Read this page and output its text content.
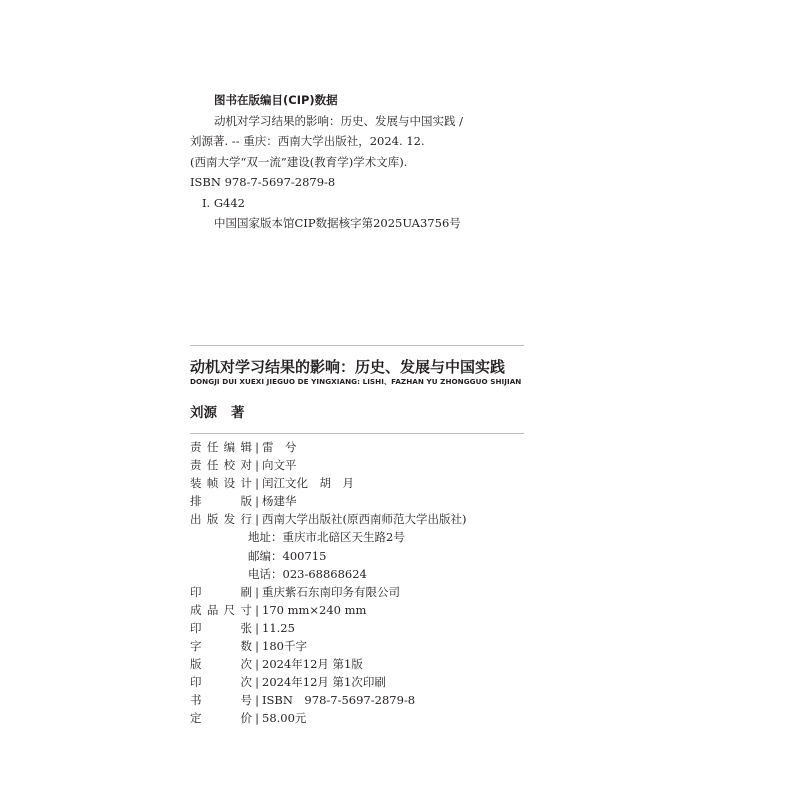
图书在版编目(CIP)数据
动机对学习结果的影响：历史、发展与中国实践 /
刘源著. -- 重庆：西南大学出版社，2024. 12.
(西南大学“双一流”建设(教育学)学术文库).
ISBN 978-7-5697-2879-8
Ⅰ. G442
中国国家版本馆CIP数据核字第2025UA3756号
动机对学习结果的影响：历史、发展与中国实践
DONGJI DUI XUEXI JIEGUO DE YINGXIANG: LISHI、FAZHAN YU ZHONGGUO SHIJIAN
刘源 著
责 任 编 辑 | 雷　兮
责 任 校 对 | 向文平
装 帧 设 计 | 闰江文化　胡　月
排	版 | 杨建华
出 版 发 行 | 西南大学出版社(原西南师范大学出版社)
地址：重庆市北碚区天生路2号
邮编：400715
电话：023-68868624
印	刷 | 重庆紫石东南印务有限公司
成 品 尺 寸 | 170 mm×240 mm
印	张 | 11.25
字	数 | 180千字
版	次 | 2024年12月 第1版
印	次 | 2024年12月 第1次印刷
书	号 | ISBN　978-7-5697-2879-8
定	价 | 58.00元
